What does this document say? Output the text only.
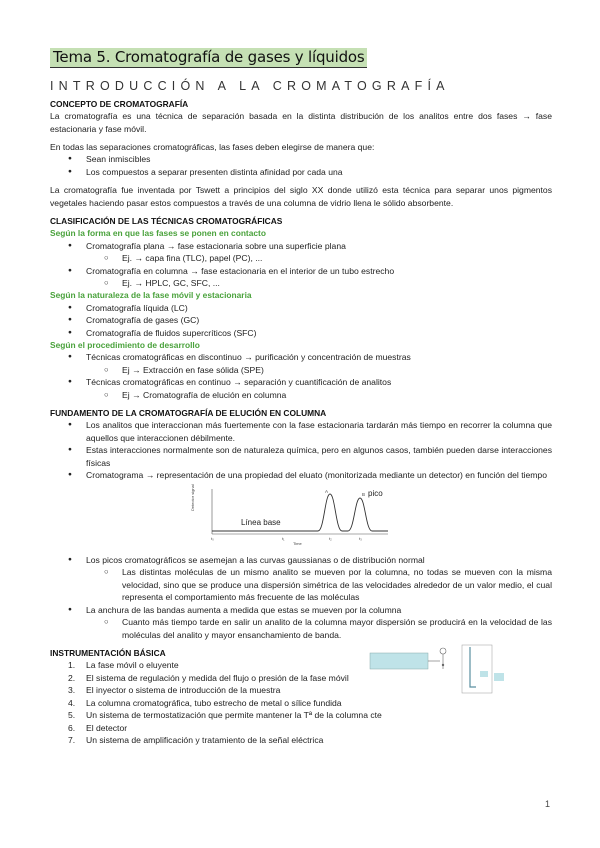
Tema 5. Cromatografía de gases y líquidos
INTRODUCCIÓN A LA CROMATOGRAFÍA
CONCEPTO DE CROMATOGRAFÍA

La cromatografía es una técnica de separación basada en la distinta distribución de los analitos entre dos fases → fase estacionaria y fase móvil.

En todas las separaciones cromatográficas, las fases deben elegirse de manera que:

● Sean inmiscibles
● Los compuestos a separar presenten distinta afinidad por cada una

La cromatografía fue inventada por Tswett a principios del siglo XX donde utilizó esta técnica para separar unos pigmentos vegetales haciendo pasar estos compuestos a través de una columna de vidrio llena le sólido absorbente.

CLASIFICACIÓN DE LAS TÉCNICAS CROMATOGRÁFICAS
Según la forma en que las fases se ponen en contacto
● Cromatografía plana → fase estacionaria sobre una superficie plana
○ Ej. → capa fina (TLC), papel (PC), ...
● Cromatografía en columna → fase estacionaria en el interior de un tubo estrecho
○ Ej. → HPLC, GC, SFC, ...
Según la naturaleza de la fase móvil y estacionaria
● Cromatografía líquida (LC)
● Cromatografía de gases (GC)
● Cromatografía de fluidos supercríticos (SFC)
Según el procedimiento de desarrollo
● Técnicas cromatográficas en discontinuo → purificación y concentración de muestras
○ Ej → Extracción en fase sólida (SPE)
● Técnicas cromatográficas en continuo → separación y cuantificación de analitos
○ Ej → Cromatografía de elución en columna
FUNDAMENTO DE LA CROMATOGRAFÍA DE ELUCIÓN EN COLUMNA
● Los analitos que interaccionan más fuertemente con la fase estacionaria tardarán más tiempo en recorrer la columna que aquellos que interaccionen débilmente.
● Estas interacciones normalmente son de naturaleza química, pero en algunos casos, también pueden darse interacciones físicas
● Cromatograma → representación de una propiedad del eluato (monitorizada mediante un detector) en función del tiempo
Detector signal
Línea base
pico
A
B
t₀	t₁	t₂	t₃
Time
● Los picos cromatográficos se asemejan a las curvas gaussianas o de distribución normal
○ Las distintas moléculas de un mismo analito se mueven por la columna, no todas se mueven con la misma velocidad, sino que se produce una dispersión simétrica de las velocidades alrededor de un valor medio, el cual representa el comportamiento más frecuente de las moléculas
● La anchura de las bandas aumenta a medida que estas se mueven por la columna
○ Cuanto más tiempo tarde en salir un analito de la columna mayor dispersión se producirá en la velocidad de las moléculas del analito y mayor ensanchamiento de banda.
INSTRUMENTACIÓN BÁSICA
1. La fase móvil o eluyente
2. El sistema de regulación y medida del flujo o presión de la fase móvil
3. El inyector o sistema de introducción de la muestra
4. La columna cromatográfica, tubo estrecho de metal o sílice fundida
5. Un sistema de termostatización que permite mantener la Tª de la columna cte
6. El detector
7. Un sistema de amplificación y tratamiento de la señal eléctrica
1
